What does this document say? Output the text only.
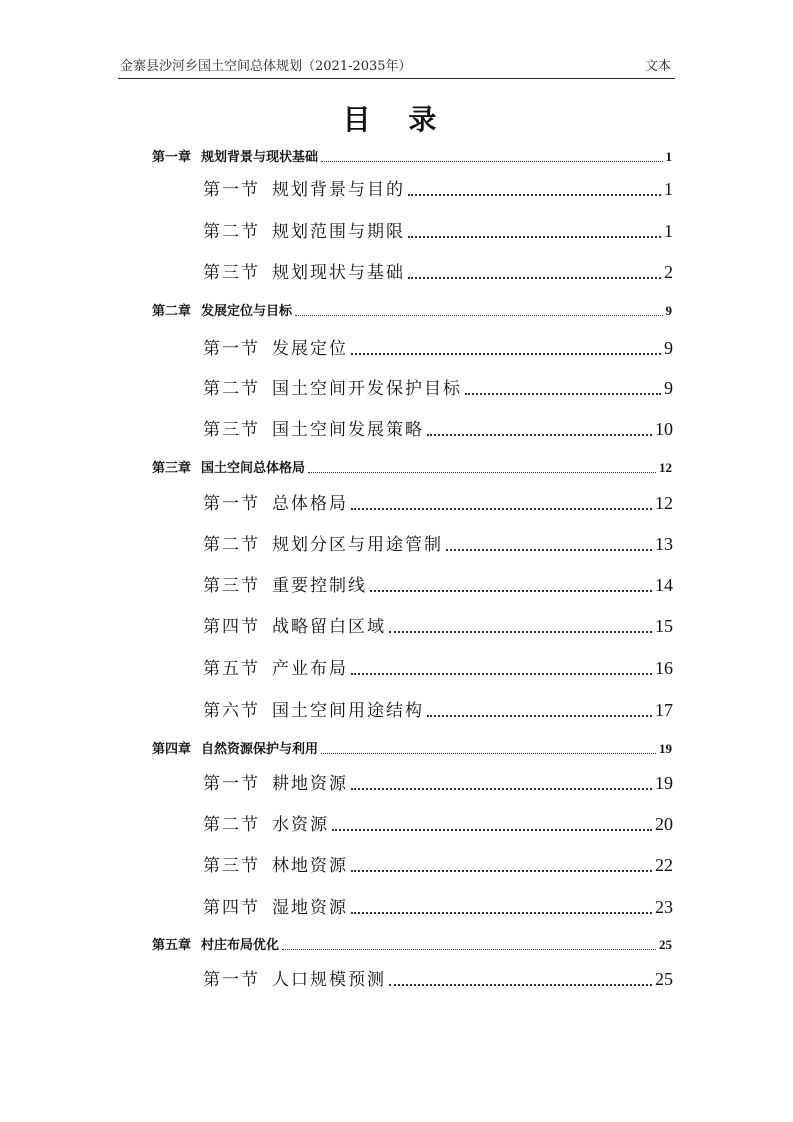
金寨县沙河乡国土空间总体规划（2021-2035年）	文本
目 录
第一章 规划背景与现状基础	1
第一节 规划背景与目的	1
第二节 规划范围与期限	1
第三节 规划现状与基础	2
第二章 发展定位与目标	9
第一节 发展定位	9
第二节 国土空间开发保护目标	9
第三节 国土空间发展策略	10
第三章 国土空间总体格局	12
第一节 总体格局	12
第二节 规划分区与用途管制	13
第三节 重要控制线	14
第四节 战略留白区域	15
第五节 产业布局	16
第六节 国土空间用途结构	17
第四章 自然资源保护与利用	19
第一节 耕地资源	19
第二节 水资源	20
第三节 林地资源	22
第四节 湿地资源	23
第五章 村庄布局优化	25
第一节 人口规模预测	25
